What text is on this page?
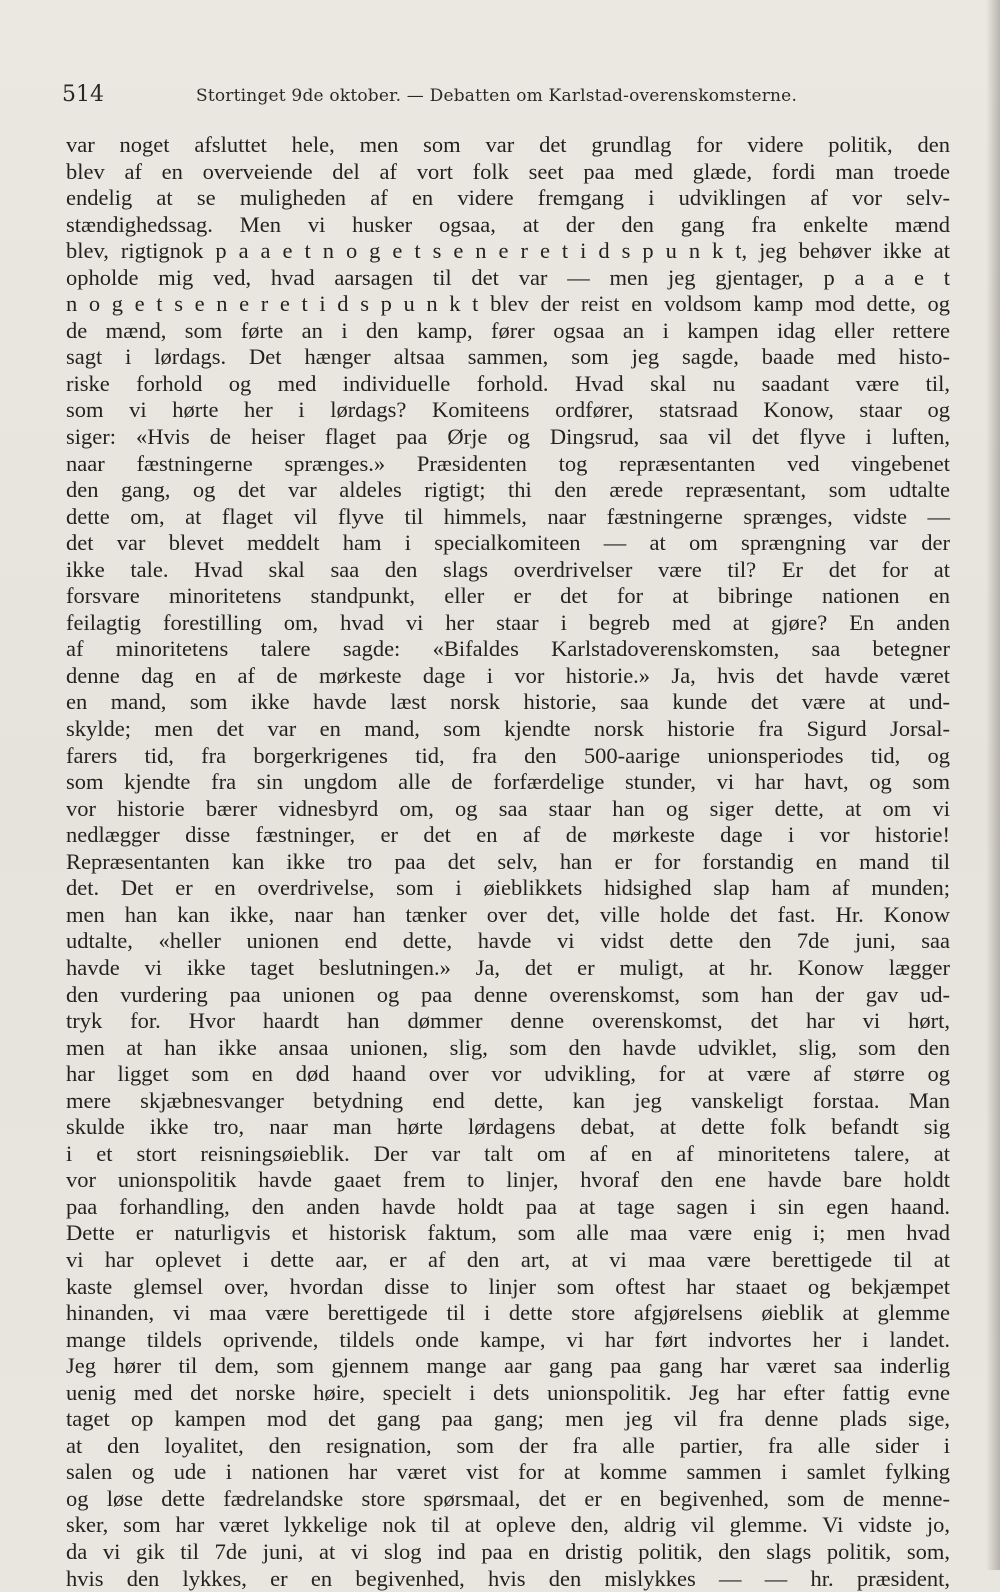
514	Stortinget 9de oktober. — Debatten om Karlstad-overenskomsterne.
var noget afsluttet hele, men som var det grundlag for videre politik, den
blev af en overveiende del af vort folk seet paa med glæde, fordi man troede
endelig at se muligheden af en videre fremgang i udviklingen af vor selv-
stændighedssag. Men vi husker ogsaa, at der den gang fra enkelte mænd
blev, rigtignok p a a e t n o g e t s e n e r e t i d s p u n k t, jeg behøver ikke at
opholde mig ved, hvad aarsagen til det var — men jeg gjentager, p a a e t
n o g e t s e n e r e t i d s p u n k t blev der reist en voldsom kamp mod dette, og
de mænd, som førte an i den kamp, fører ogsaa an i kampen idag eller rettere
sagt i lørdags. Det hænger altsaa sammen, som jeg sagde, baade med histo-
riske forhold og med individuelle forhold. Hvad skal nu saadant være til,
som vi hørte her i lørdags? Komiteens ordfører, statsraad Konow, staar og
siger: «Hvis de heiser flaget paa Ørje og Dingsrud, saa vil det flyve i luften,
naar fæstningerne sprænges.» Præsidenten tog repræsentanten ved vingebenet
den gang, og det var aldeles rigtigt; thi den ærede repræsentant, som udtalte
dette om, at flaget vil flyve til himmels, naar fæstningerne sprænges, vidste —
det var blevet meddelt ham i specialkomiteen — at om sprængning var der
ikke tale. Hvad skal saa den slags overdrivelser være til? Er det for at
forsvare minoritetens standpunkt, eller er det for at bibringe nationen en
feilagtig forestilling om, hvad vi her staar i begreb med at gjøre? En anden
af minoritetens talere sagde: «Bifaldes Karlstadoverenskomsten, saa betegner
denne dag en af de mørkeste dage i vor historie.» Ja, hvis det havde været
en mand, som ikke havde læst norsk historie, saa kunde det være at und-
skylde; men det var en mand, som kjendte norsk historie fra Sigurd Jorsal-
farers tid, fra borgerkrigenes tid, fra den 500-aarige unionsperiodes tid, og
som kjendte fra sin ungdom alle de forfærdelige stunder, vi har havt, og som
vor historie bærer vidnesbyrd om, og saa staar han og siger dette, at om vi
nedlægger disse fæstninger, er det en af de mørkeste dage i vor historie!
Repræsentanten kan ikke tro paa det selv, han er for forstandig en mand til
det. Det er en overdrivelse, som i øieblikkets hidsighed slap ham af munden;
men han kan ikke, naar han tænker over det, ville holde det fast. Hr. Konow
udtalte, «heller unionen end dette, havde vi vidst dette den 7de juni, saa
havde vi ikke taget beslutningen.» Ja, det er muligt, at hr. Konow lægger
den vurdering paa unionen og paa denne overenskomst, som han der gav ud-
tryk for. Hvor haardt han dømmer denne overenskomst, det har vi hørt,
men at han ikke ansaa unionen, slig, som den havde udviklet, slig, som den
har ligget som en død haand over vor udvikling, for at være af større og
mere skjæbnesvanger betydning end dette, kan jeg vanskeligt forstaa. Man
skulde ikke tro, naar man hørte lørdagens debat, at dette folk befandt sig
i et stort reisningsøieblik. Der var talt om af en af minoritetens talere, at
vor unionspolitik havde gaaet frem to linjer, hvoraf den ene havde bare holdt
paa forhandling, den anden havde holdt paa at tage sagen i sin egen haand.
Dette er naturligvis et historisk faktum, som alle maa være enig i; men hvad
vi har oplevet i dette aar, er af den art, at vi maa være berettigede til at
kaste glemsel over, hvordan disse to linjer som oftest har staaet og bekjæmpet
hinanden, vi maa være berettigede til i dette store afgjørelsens øieblik at glemme
mange tildels oprivende, tildels onde kampe, vi har ført indvortes her i landet.
Jeg hører til dem, som gjennem mange aar gang paa gang har været saa inderlig
uenig med det norske høire, specielt i dets unionspolitik. Jeg har efter fattig evne
taget op kampen mod det gang paa gang; men jeg vil fra denne plads sige,
at den loyalitet, den resignation, som der fra alle partier, fra alle sider i
salen og ude i nationen har været vist for at komme sammen i samlet fylking
og løse dette fædrelandske store spørsmaal, det er en begivenhed, som de menne-
sker, som har været lykkelige nok til at opleve den, aldrig vil glemme. Vi vidste jo,
da vi gik til 7de juni, at vi slog ind paa en dristig politik, den slags politik, som,
hvis den lykkes, er en begivenhed, hvis den mislykkes — — hr. præsident,
